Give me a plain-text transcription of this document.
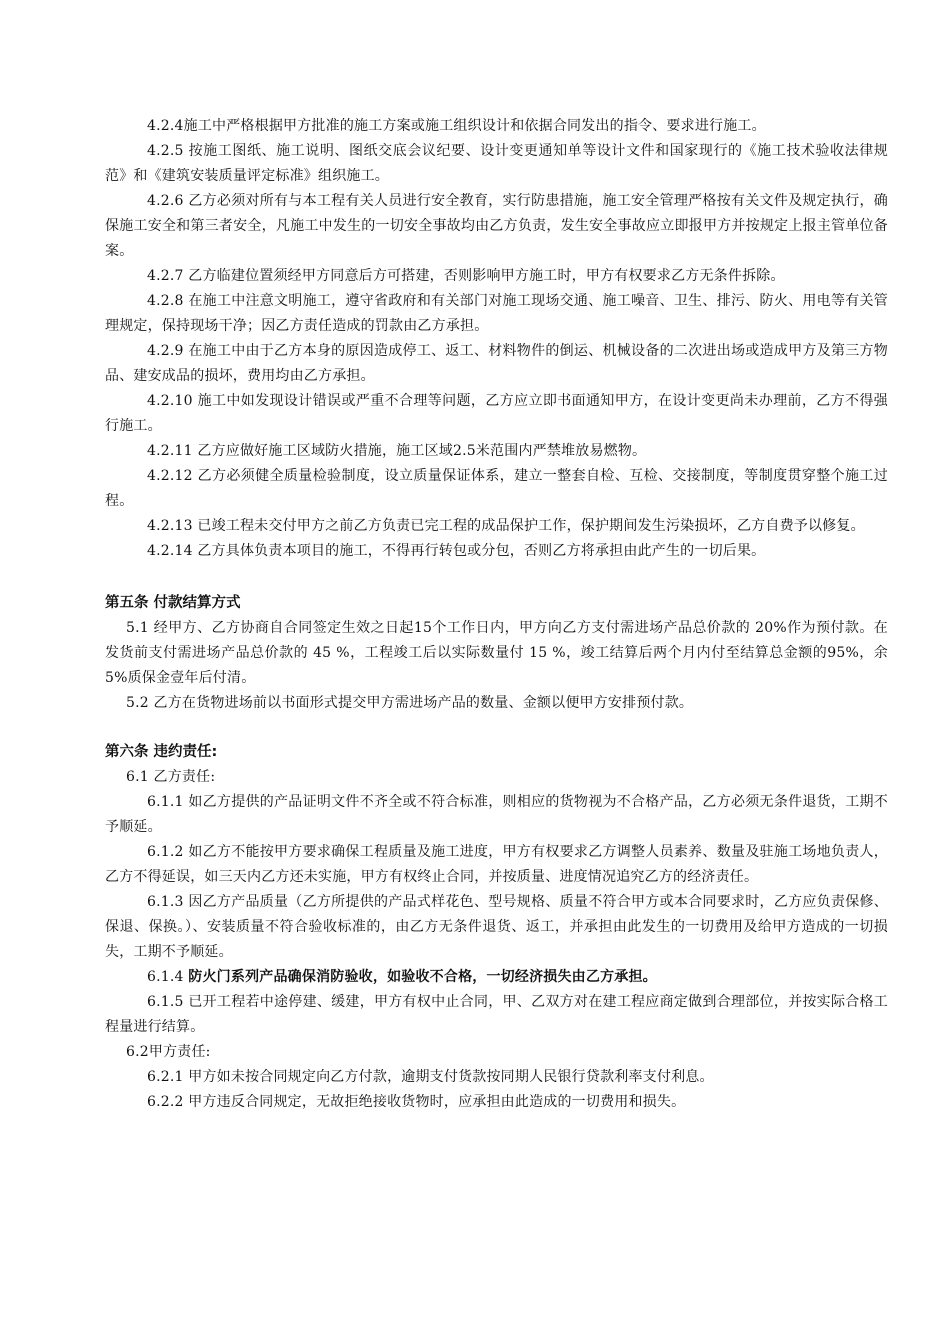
4.2.4施工中严格根据甲方批准的施工方案或施工组织设计和依据合同发出的指令、要求进行施工。

4.2.5 按施工图纸、施工说明、图纸交底会议纪要、设计变更通知单等设计文件和国家现行的《施工技术验收法律规范》和《建筑安装质量评定标准》组织施工。

4.2.6 乙方必须对所有与本工程有关人员进行安全教育，实行防患措施，施工安全管理严格按有关文件及规定执行，确保施工安全和第三者安全，凡施工中发生的一切安全事故均由乙方负责，发生安全事故应立即报甲方并按规定上报主管单位备案。

4.2.7 乙方临建位置须经甲方同意后方可搭建，否则影响甲方施工时，甲方有权要求乙方无条件拆除。

4.2.8 在施工中注意文明施工，遵守省政府和有关部门对施工现场交通、施工噪音、卫生、排污、防火、用电等有关管理规定，保持现场干净；因乙方责任造成的罚款由乙方承担。

4.2.9 在施工中由于乙方本身的原因造成停工、返工、材料物件的倒运、机械设备的二次进出场或造成甲方及第三方物品、建安成品的损坏，费用均由乙方承担。

4.2.10 施工中如发现设计错误或严重不合理等问题，乙方应立即书面通知甲方，在设计变更尚未办理前，乙方不得强行施工。

4.2.11 乙方应做好施工区域防火措施，施工区域2.5米范围内严禁堆放易燃物。

4.2.12 乙方必须健全质量检验制度，设立质量保证体系，建立一整套自检、互检、交接制度，等制度贯穿整个施工过程。

4.2.13 已竣工程未交付甲方之前乙方负责已完工程的成品保护工作，保护期间发生污染损坏，乙方自费予以修复。

4.2.14 乙方具体负责本项目的施工，不得再行转包或分包，否则乙方将承担由此产生的一切后果。

第五条 付款结算方式

5.1 经甲方、乙方协商自合同签定生效之日起15个工作日内，甲方向乙方支付需进场产品总价款的 20%作为预付款。在发货前支付需进场产品总价款的 45 %，工程竣工后以实际数量付 15 %，竣工结算后两个月内付至结算总金额的95%，余5%质保金壹年后付清。

5.2 乙方在货物进场前以书面形式提交甲方需进场产品的数量、金额以便甲方安排预付款。

第六条 违约责任:

6.1 乙方责任:

6.1.1 如乙方提供的产品证明文件不齐全或不符合标准，则相应的货物视为不合格产品，乙方必须无条件退货，工期不予顺延。

6.1.2 如乙方不能按甲方要求确保工程质量及施工进度，甲方有权要求乙方调整人员素养、数量及驻施工场地负责人，乙方不得延误，如三天内乙方还未实施，甲方有权终止合同，并按质量、进度情况追究乙方的经济责任。

6.1.3 因乙方产品质量（乙方所提供的产品式样花色、型号规格、质量不符合甲方或本合同要求时，乙方应负责保修、保退、保换。）、安装质量不符合验收标准的，由乙方无条件退货、返工，并承担由此发生的一切费用及给甲方造成的一切损失，工期不予顺延。

6.1.4 防火门系列产品确保消防验收，如验收不合格，一切经济损失由乙方承担。

6.1.5 已开工程若中途停建、缓建，甲方有权中止合同，甲、乙双方对在建工程应商定做到合理部位，并按实际合格工程量进行结算。

6.2甲方责任:

6.2.1 甲方如未按合同规定向乙方付款，逾期支付货款按同期人民银行贷款利率支付利息。

6.2.2 甲方违反合同规定，无故拒绝接收货物时，应承担由此造成的一切费用和损失。
